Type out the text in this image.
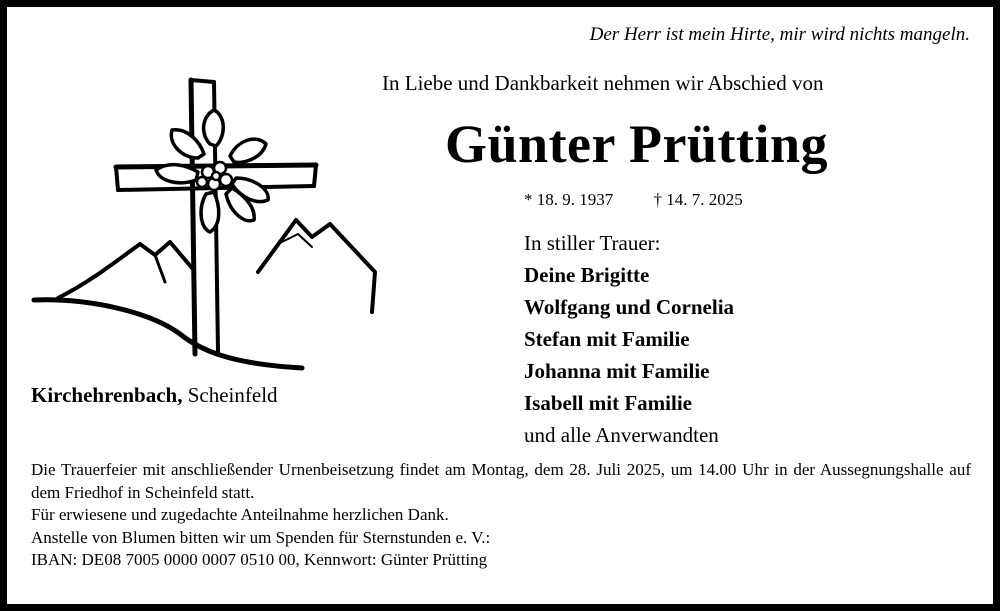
Der Herr ist mein Hirte, mir wird nichts mangeln.
In Liebe und Dankbarkeit nehmen wir Abschied von
Günter Prütting
* 18. 9. 1937 † 14. 7. 2025
In stiller Trauer:
Deine Brigitte
Wolfgang und Cornelia
Stefan mit Familie
Johanna mit Familie
Isabell mit Familie
und alle Anverwandten
Kirchehrenbach, Scheinfeld
Die Trauerfeier mit anschließender Urnenbeisetzung findet am Montag, dem 28. Juli 2025, um 14.00 Uhr in der Aussegnungshalle auf dem Friedhof in Scheinfeld statt.
Für erwiesene und zugedachte Anteilnahme herzlichen Dank.
Anstelle von Blumen bitten wir um Spenden für Sternstunden e. V.:
IBAN: DE08 7005 0000 0007 0510 00, Kennwort: Günter Prütting
